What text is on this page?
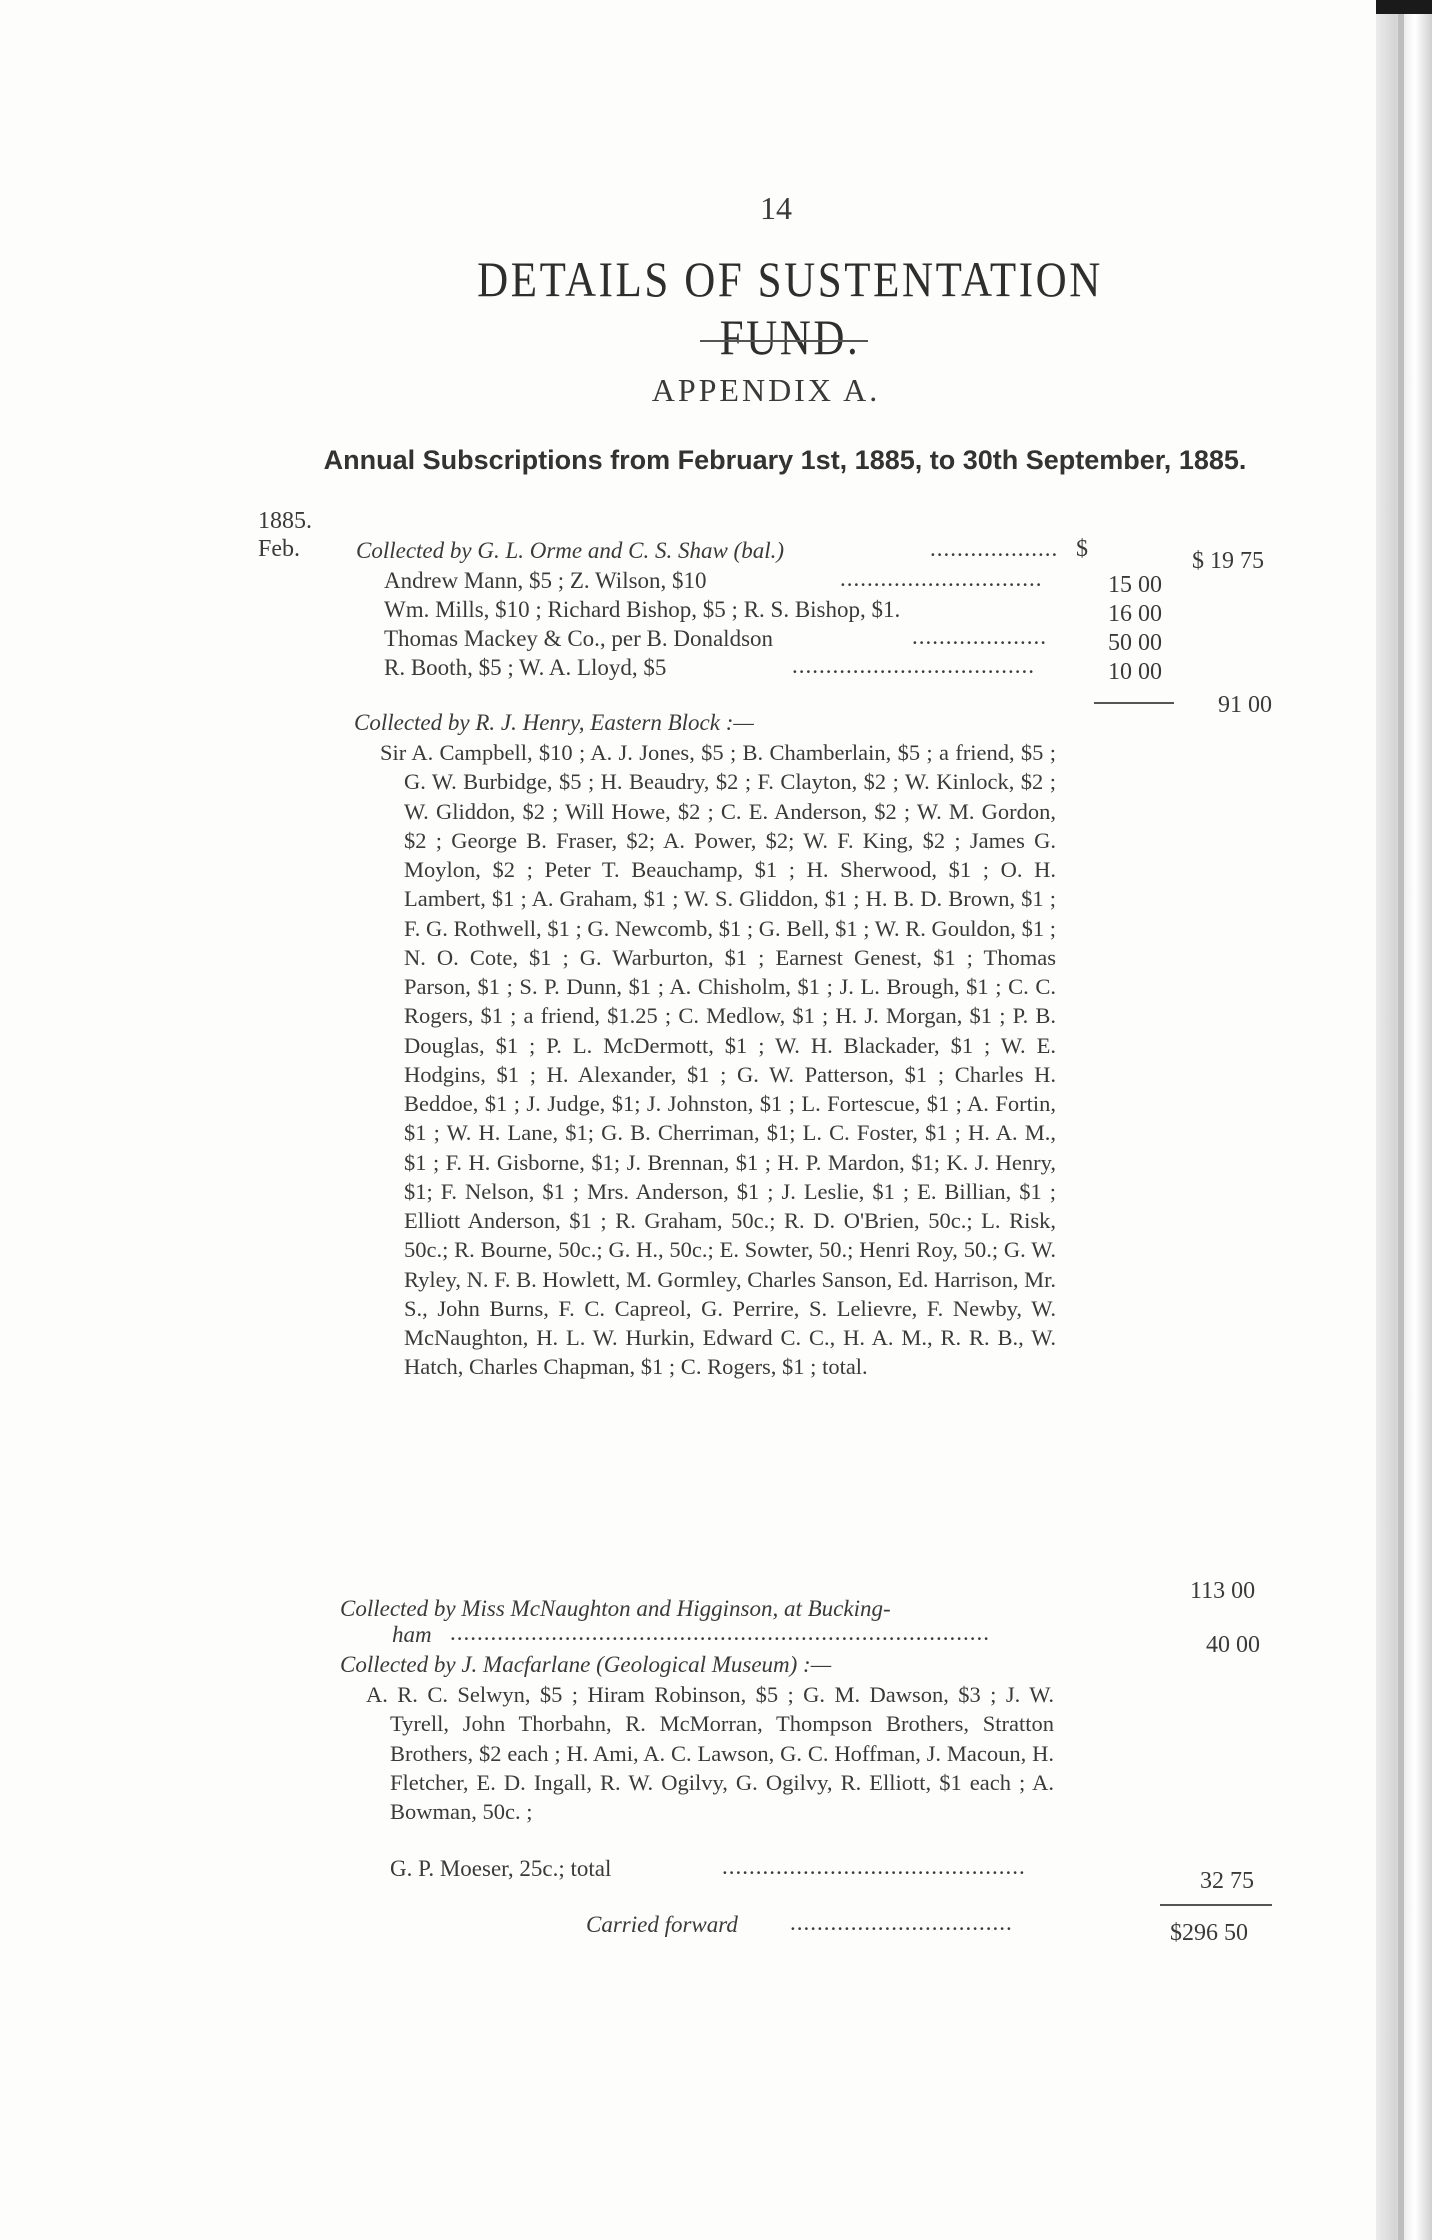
14
DETAILS OF SUSTENTATION FUND.
APPENDIX A.
Annual Subscriptions from February 1st, 1885, to 30th September, 1885.
1885.
Feb. Collected by G. L. Orme and C. S. Shaw (bal.)	................... $	$ 19 75
Andrew Mann, $5 ; Z. Wilson, $10	..............................	15 00
Wm. Mills, $10 ; Richard Bishop, $5 ; R. S. Bishop, $1.	16 00
Thomas Mackey & Co., per B. Donaldson	....................	50 00
R. Booth, $5 ; W. A. Lloyd, $5	....................................	10 00
91 00
Collected by R. J. Henry, Eastern Block :—
Sir A. Campbell, $10 ; A. J. Jones, $5 ; B. Chamberlain, $5 ; a friend, $5 ; G. W. Burbidge, $5 ; H. Beaudry, $2 ; F. Clayton, $2 ; W. Kinlock, $2 ; W. Gliddon, $2 ; Will Howe, $2 ; C. E. Anderson, $2 ; W. M. Gordon, $2 ; George B. Fraser, $2; A. Power, $2; W. F. King, $2 ; James G. Moylon, $2 ; Peter T. Beauchamp, $1 ; H. Sherwood, $1 ; O. H. Lambert, $1 ; A. Graham, $1 ; W. S. Gliddon, $1 ; H. B. D. Brown, $1 ; F. G. Rothwell, $1 ; G. Newcomb, $1 ; G. Bell, $1 ; W. R. Gouldon, $1 ; N. O. Cote, $1 ; G. Warburton, $1 ; Earnest Genest, $1 ; Thomas Parson, $1 ; S. P. Dunn, $1 ; A. Chisholm, $1 ; J. L. Brough, $1 ; C. C. Rogers, $1 ; a friend, $1.25 ; C. Medlow, $1 ; H. J. Morgan, $1 ; P. B. Douglas, $1 ; P. L. McDermott, $1 ; W. H. Blackader, $1 ; W. E. Hodgins, $1 ; H. Alexander, $1 ; G. W. Patterson, $1 ; Charles H. Beddoe, $1 ; J. Judge, $1; J. Johnston, $1 ; L. Fortescue, $1 ; A. Fortin, $1 ; W. H. Lane, $1; G. B. Cherriman, $1; L. C. Foster, $1 ; H. A. M., $1 ; F. H. Gisborne, $1; J. Brennan, $1 ; H. P. Mardon, $1; K. J. Henry, $1; F. Nelson, $1 ; Mrs. Anderson, $1 ; J. Leslie, $1 ; E. Billian, $1 ; Elliott Anderson, $1 ; R. Graham, 50c.; R. D. O'Brien, 50c.; L. Risk, 50c.; R. Bourne, 50c.; G. H., 50c.; E. Sowter, 50.; Henri Roy, 50.; G. W. Ryley, N. F. B. Howlett, M. Gormley, Charles Sanson, Ed. Harrison, Mr. S., John Burns, F. C. Capreol, G. Perrire, S. Lelievre, F. Newby, W. McNaughton, H. L. W. Hurkin, Edward C. C., H. A. M., R. R. B., W. Hatch, Charles Chapman, $1 ; C. Rogers, $1 ; total.
113 00
Collected by Miss McNaughton and Higginson, at Bucking-
ham ................................................................................	40 00
Collected by J. Macfarlane (Geological Museum) :—
A. R. C. Selwyn, $5 ; Hiram Robinson, $5 ; G. M. Dawson, $3 ; J. W. Tyrell, John Thorbahn, R. McMorran, Thompson Brothers, Stratton Brothers, $2 each ; H. Ami, A. C. Lawson, G. C. Hoffman, J. Macoun, H. Fletcher, E. D. Ingall, R. W. Ogilvy, G. Ogilvy, R. Elliott, $1 each ; A. Bowman, 50c. ;
G. P. Moeser, 25c.; total	.............................................
32 75
Carried forward .................................	$296 50
